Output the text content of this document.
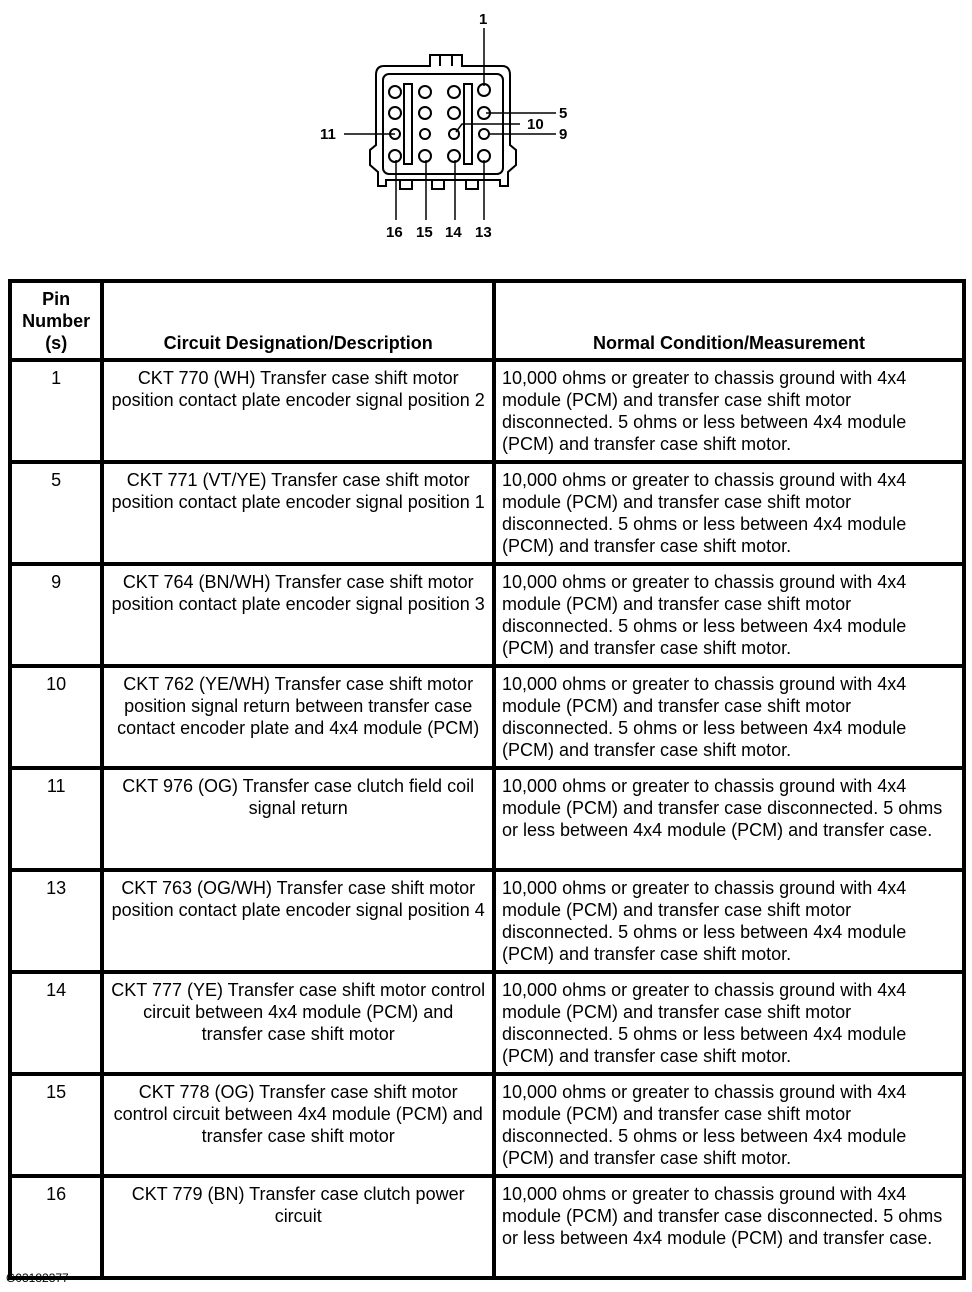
1
5
10
9
11
16 15 14 13
Pin Number (s)	Circuit Designation/Description	Normal Condition/Measurement
1	CKT 770 (WH) Transfer case shift motor position contact plate encoder signal position 2	10,000 ohms or greater to chassis ground with 4x4 module (PCM) and transfer case shift motor disconnected. 5 ohms or less between 4x4 module (PCM) and transfer case shift motor.
5	CKT 771 (VT/YE) Transfer case shift motor position contact plate encoder signal position 1	10,000 ohms or greater to chassis ground with 4x4 module (PCM) and transfer case shift motor disconnected. 5 ohms or less between 4x4 module (PCM) and transfer case shift motor.
9	CKT 764 (BN/WH) Transfer case shift motor position contact plate encoder signal position 3	10,000 ohms or greater to chassis ground with 4x4 module (PCM) and transfer case shift motor disconnected. 5 ohms or less between 4x4 module (PCM) and transfer case shift motor.
10	CKT 762 (YE/WH) Transfer case shift motor position signal return between transfer case contact encoder plate and 4x4 module (PCM)	10,000 ohms or greater to chassis ground with 4x4 module (PCM) and transfer case shift motor disconnected. 5 ohms or less between 4x4 module (PCM) and transfer case shift motor.
11	CKT 976 (OG) Transfer case clutch field coil signal return	10,000 ohms or greater to chassis ground with 4x4 module (PCM) and transfer case disconnected. 5 ohms or less between 4x4 module (PCM) and transfer case.
13	CKT 763 (OG/WH) Transfer case shift motor position contact plate encoder signal position 4	10,000 ohms or greater to chassis ground with 4x4 module (PCM) and transfer case shift motor disconnected. 5 ohms or less between 4x4 module (PCM) and transfer case shift motor.
14	CKT 777 (YE) Transfer case shift motor control circuit between 4x4 module (PCM) and transfer case shift motor	10,000 ohms or greater to chassis ground with 4x4 module (PCM) and transfer case shift motor disconnected. 5 ohms or less between 4x4 module (PCM) and transfer case shift motor.
15	CKT 778 (OG) Transfer case shift motor control circuit between 4x4 module (PCM) and transfer case shift motor	10,000 ohms or greater to chassis ground with 4x4 module (PCM) and transfer case shift motor disconnected. 5 ohms or less between 4x4 module (PCM) and transfer case shift motor.
16	CKT 779 (BN) Transfer case clutch power circuit	10,000 ohms or greater to chassis ground with 4x4 module (PCM) and transfer case disconnected. 5 ohms or less between 4x4 module (PCM) and transfer case.
G03182377
